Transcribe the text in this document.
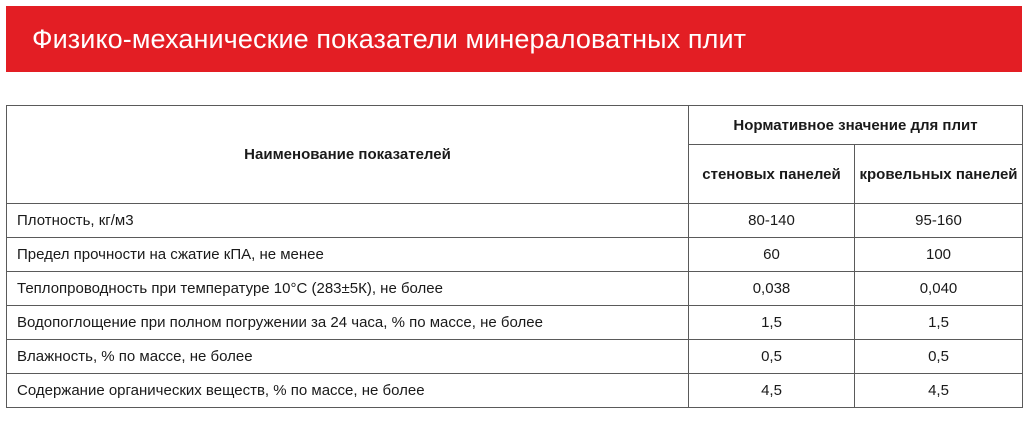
Физико-механические показатели минераловатных плит
Наименование показателей	Нормативное значение для плит	
	стеновых панелей	кровельных панелей
Плотность, кг/м3	80-140	95-160
Предел прочности на сжатие кПА, не менее	60	100
Теплопроводность при температуре 10°С (283±5К), не более	0,038	0,040
Водопоглощение при полном погружении за 24 часа, % по массе, не более	1,5	1,5
Влажность, % по массе, не более	0,5	0,5
Содержание органических веществ, % по массе, не более	4,5	4,5
